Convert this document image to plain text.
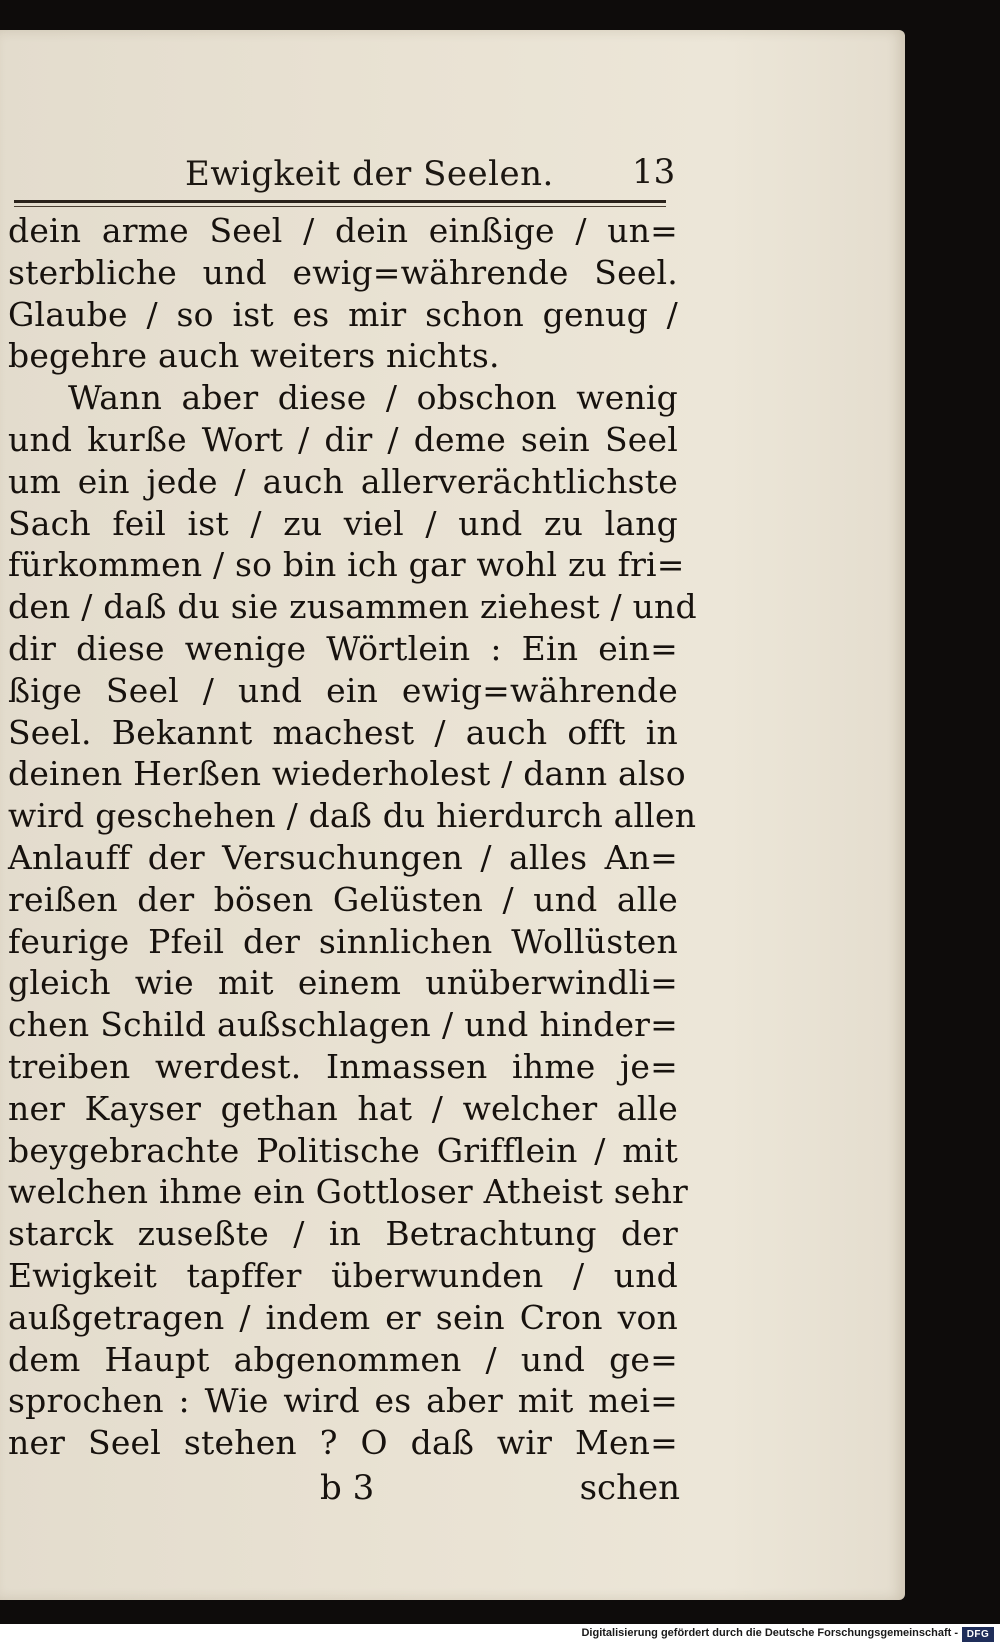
Ewigkeit der Seelen. 13
dein arme Seel / dein einßige / un=
sterbliche und ewig=währende Seel.
Glaube / so ist es mir schon genug /
begehre auch weiters nichts.
Wann aber diese / obschon wenig
und kurße Wort / dir / deme sein Seel
um ein jede / auch allerverächtlichste
Sach feil ist / zu viel / und zu lang
fürkommen / so bin ich gar wohl zu fri=
den / daß du sie zusammen ziehest / und
dir diese wenige Wörtlein : Ein ein=
ßige Seel / und ein ewig=währende
Seel. Bekannt machest / auch offt in
deinen Herßen wiederholest / dann also
wird geschehen / daß du hierdurch allen
Anlauff der Versuchungen / alles An=
reißen der bösen Gelüsten / und alle
feurige Pfeil der sinnlichen Wollüsten
gleich wie mit einem unüberwindli=
chen Schild außschlagen / und hinder=
treiben werdest. Inmassen ihme je=
ner Kayser gethan hat / welcher alle
beygebrachte Politische Grifflein / mit
welchen ihme ein Gottloser Atheist sehr
starck zuseßte / in Betrachtung der
Ewigkeit tapffer überwunden / und
außgetragen / indem er sein Cron von
dem Haupt abgenommen / und ge=
sprochen : Wie wird es aber mit mei=
ner Seel stehen ? O daß wir Men=
b 3	schen
Digitalisierung gefördert durch die Deutsche Forschungsgemeinschaft - DFG
